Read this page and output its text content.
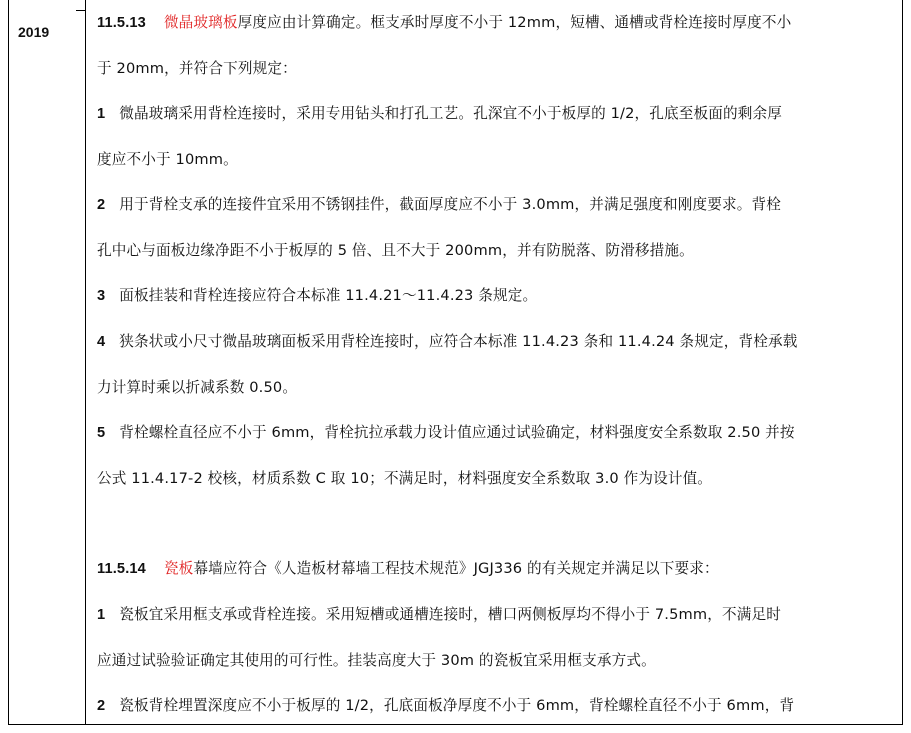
2019

11.5.13 微晶玻璃板厚度应由计算确定。框支承时厚度不小于 12mm，短槽、通槽或背栓连接时厚度不小

于 20mm，并符合下列规定：

1 微晶玻璃采用背栓连接时，采用专用钻头和打孔工艺。孔深宜不小于板厚的 1/2，孔底至板面的剩余厚

度应不小于 10mm。

2 用于背栓支承的连接件宜采用不锈钢挂件，截面厚度应不小于 3.0mm，并满足强度和刚度要求。背栓

孔中心与面板边缘净距不小于板厚的 5 倍、且不大于 200mm，并有防脱落、防滑移措施。

3 面板挂装和背栓连接应符合本标准 11.4.21～11.4.23 条规定。

4 狭条状或小尺寸微晶玻璃面板采用背栓连接时，应符合本标准 11.4.23 条和 11.4.24 条规定，背栓承载

力计算时乘以折减系数 0.50。

5 背栓螺栓直径应不小于 6mm，背栓抗拉承载力设计值应通过试验确定，材料强度安全系数取 2.50 并按

公式 11.4.17-2 校核，材质系数 C 取 10；不满足时，材料强度安全系数取 3.0 作为设计值。

11.5.14 瓷板幕墙应符合《人造板材幕墙工程技术规范》JGJ336 的有关规定并满足以下要求：

1 瓷板宜采用框支承或背栓连接。采用短槽或通槽连接时，槽口两侧板厚均不得小于 7.5mm，不满足时

应通过试验验证确定其使用的可行性。挂装高度大于 30m 的瓷板宜采用框支承方式。

2 瓷板背栓埋置深度应不小于板厚的 1/2，孔底面板净厚度不小于 6mm，背栓螺栓直径不小于 6mm，背
